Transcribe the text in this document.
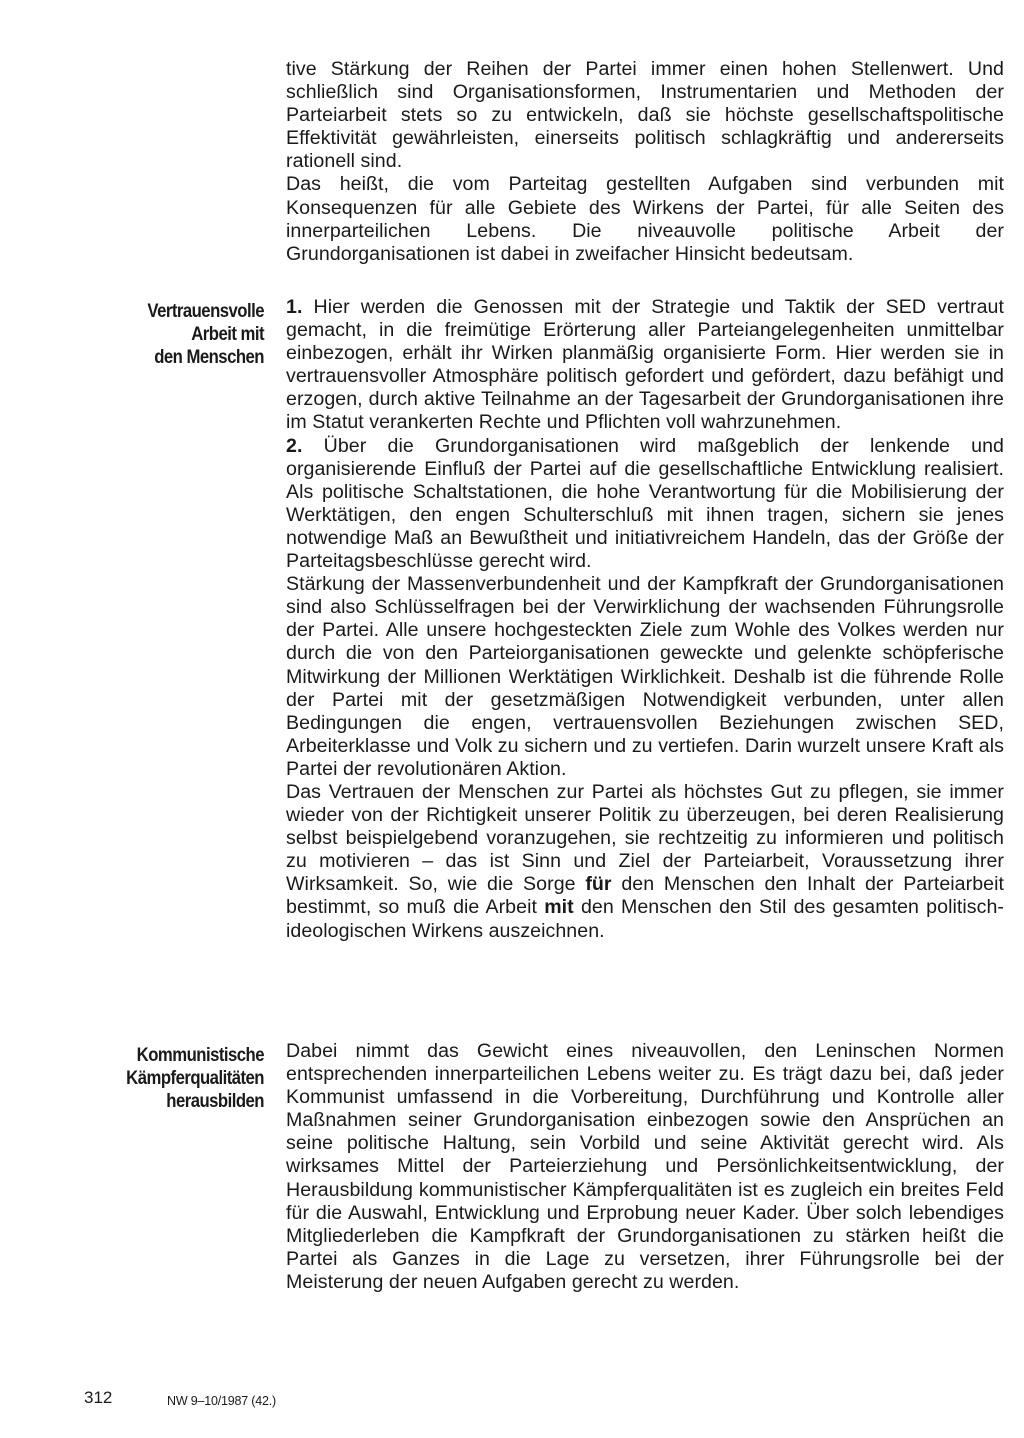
tive Stärkung der Reihen der Partei immer einen hohen Stellenwert. Und schließlich sind Organisationsformen, Instrumentarien und Methoden der Parteiarbeit stets so zu entwickeln, daß sie höchste gesellschaftspolitische Effektivität gewährleisten, einerseits politisch schlagkräftig und andererseits rationell sind.

Das heißt, die vom Parteitag gestellten Aufgaben sind verbunden mit Konsequenzen für alle Gebiete des Wirkens der Partei, für alle Seiten des innerparteilichen Lebens. Die niveauvolle politische Arbeit der Grundorganisationen ist dabei in zweifacher Hinsicht bedeutsam.

Vertrauensvolle
Arbeit mit
den Menschen

1. Hier werden die Genossen mit der Strategie und Taktik der SED vertraut gemacht, in die freimütige Erörterung aller Parteiangelegenheiten unmittelbar einbezogen, erhält ihr Wirken planmäßig organisierte Form. Hier werden sie in vertrauensvoller Atmosphäre politisch gefordert und gefördert, dazu befähigt und erzogen, durch aktive Teilnahme an der Tagesarbeit der Grundorganisationen ihre im Statut verankerten Rechte und Pflichten voll wahrzunehmen.

2. Über die Grundorganisationen wird maßgeblich der lenkende und organisierende Einfluß der Partei auf die gesellschaftliche Entwicklung realisiert. Als politische Schaltstationen, die hohe Verantwortung für die Mobilisierung der Werktätigen, den engen Schulterschluß mit ihnen tragen, sichern sie jenes notwendige Maß an Bewußtheit und initiativreichem Handeln, das der Größe der Parteitagsbeschlüsse gerecht wird.

Stärkung der Massenverbundenheit und der Kampfkraft der Grundorganisationen sind also Schlüsselfragen bei der Verwirklichung der wachsenden Führungsrolle der Partei. Alle unsere hochgesteckten Ziele zum Wohle des Volkes werden nur durch die von den Parteiorganisationen geweckte und gelenkte schöpferische Mitwirkung der Millionen Werktätigen Wirklichkeit. Deshalb ist die führende Rolle der Partei mit der gesetzmäßigen Notwendigkeit verbunden, unter allen Bedingungen die engen, vertrauensvollen Beziehungen zwischen SED, Arbeiterklasse und Volk zu sichern und zu vertiefen. Darin wurzelt unsere Kraft als Partei der revolutionären Aktion.

Das Vertrauen der Menschen zur Partei als höchstes Gut zu pflegen, sie immer wieder von der Richtigkeit unserer Politik zu überzeugen, bei deren Realisierung selbst beispielgebend voranzugehen, sie rechtzeitig zu informieren und politisch zu motivieren – das ist Sinn und Ziel der Parteiarbeit, Voraussetzung ihrer Wirksamkeit. So, wie die Sorge für den Menschen den Inhalt der Parteiarbeit bestimmt, so muß die Arbeit mit den Menschen den Stil des gesamten politisch-ideologischen Wirkens auszeichnen.

Kommunistische
Kämpferqualitäten
herausbilden

Dabei nimmt das Gewicht eines niveauvollen, den Leninschen Normen entsprechenden innerparteilichen Lebens weiter zu. Es trägt dazu bei, daß jeder Kommunist umfassend in die Vorbereitung, Durchführung und Kontrolle aller Maßnahmen seiner Grundorganisation einbezogen sowie den Ansprüchen an seine politische Haltung, sein Vorbild und seine Aktivität gerecht wird. Als wirksames Mittel der Parteierziehung und Persönlichkeitsentwicklung, der Herausbildung kommunistischer Kämpferqualitäten ist es zugleich ein breites Feld für die Auswahl, Entwicklung und Erprobung neuer Kader. Über solch lebendiges Mitgliederleben die Kampfkraft der Grundorganisationen zu stärken heißt die Partei als Ganzes in die Lage zu versetzen, ihrer Führungsrolle bei der Meisterung der neuen Aufgaben gerecht zu werden.

312	NW 9–10/1987 (42.)
